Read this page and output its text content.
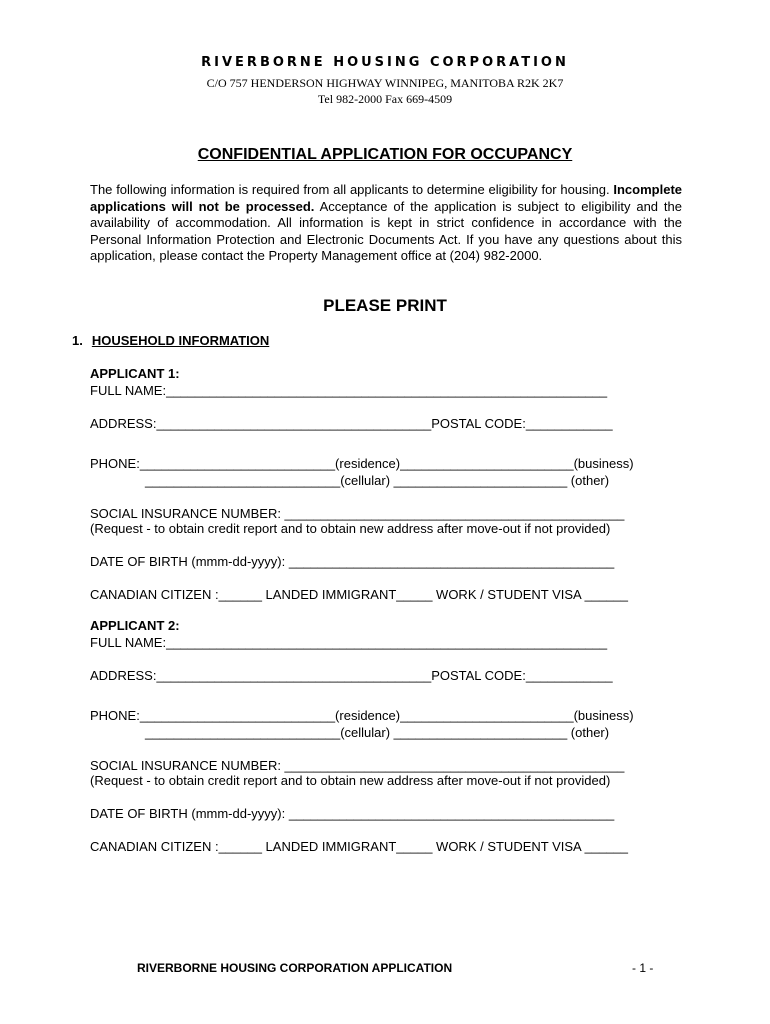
RIVERBORNE HOUSING CORPORATION
C/O 757 HENDERSON HIGHWAY WINNIPEG, MANITOBA R2K 2K7
Tel 982-2000 Fax 669-4509
CONFIDENTIAL APPLICATION FOR OCCUPANCY
The following information is required from all applicants to determine eligibility for housing. Incomplete applications will not be processed. Acceptance of the application is subject to eligibility and the availability of accommodation. All information is kept in strict confidence in accordance with the Personal Information Protection and Electronic Documents Act. If you have any questions about this application, please contact the Property Management office at (204) 982-2000.
PLEASE PRINT
1. HOUSEHOLD INFORMATION
APPLICANT 1:
FULL NAME:_____________________________________________________________
ADDRESS:______________________________________POSTAL CODE:____________
PHONE:___________________________(residence)________________________(business)
___________________________(cellular) ________________________ (other)
SOCIAL INSURANCE NUMBER: _______________________________________________
(Request - to obtain credit report and to obtain new address after move-out if not provided)
DATE OF BIRTH (mmm-dd-yyyy): _____________________________________________
CANADIAN CITIZEN :______ LANDED IMMIGRANT_____ WORK / STUDENT VISA ______
APPLICANT 2:
FULL NAME:_____________________________________________________________
ADDRESS:______________________________________POSTAL CODE:____________
PHONE:___________________________(residence)________________________(business)
___________________________(cellular) ________________________ (other)
SOCIAL INSURANCE NUMBER: _______________________________________________
(Request - to obtain credit report and to obtain new address after move-out if not provided)
DATE OF BIRTH (mmm-dd-yyyy): _____________________________________________
CANADIAN CITIZEN :______ LANDED IMMIGRANT_____ WORK / STUDENT VISA ______
RIVERBORNE HOUSING CORPORATION APPLICATION	- 1 -
